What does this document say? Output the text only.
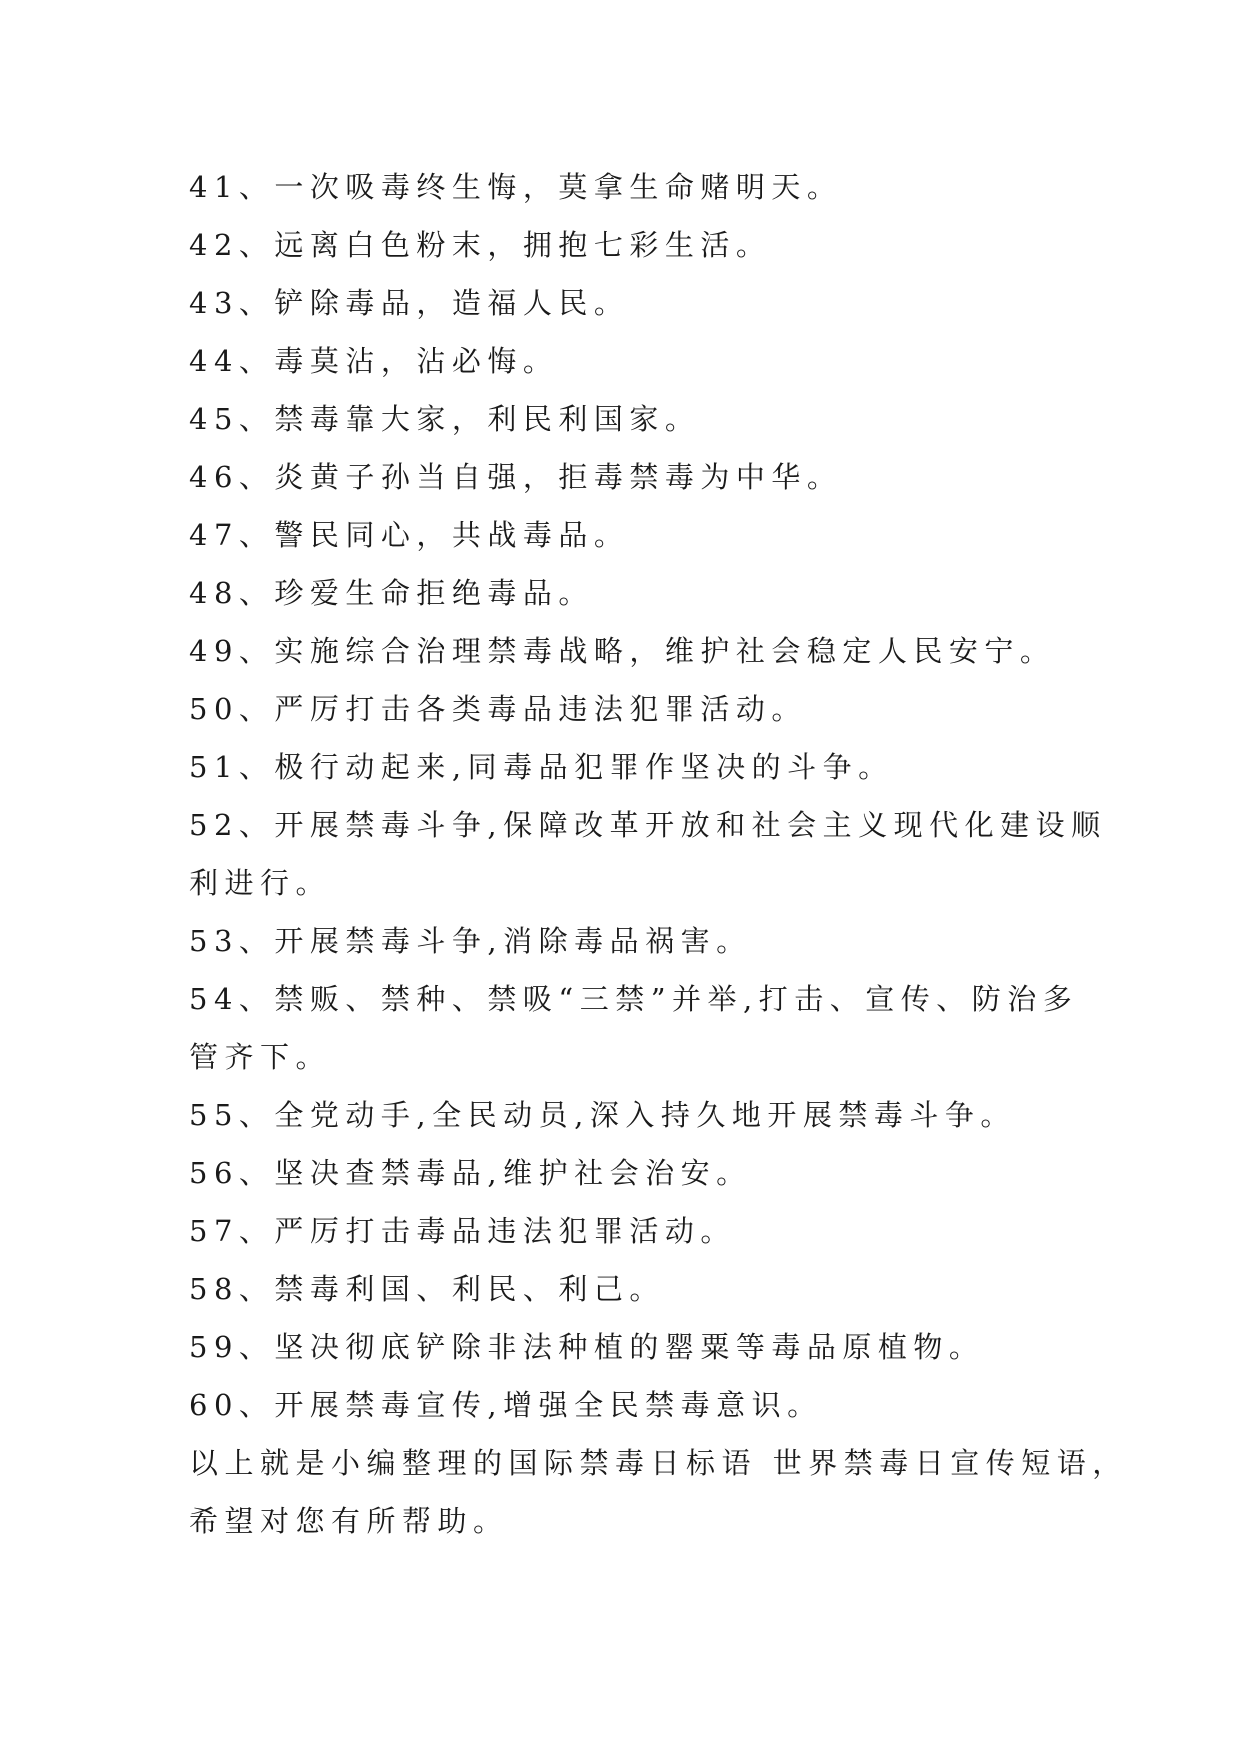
41、一次吸毒终生悔，莫拿生命赌明天。
42、远离白色粉末，拥抱七彩生活。
43、铲除毒品，造福人民。
44、毒莫沾，沾必悔。
45、禁毒靠大家，利民利国家。
46、炎黄子孙当自强，拒毒禁毒为中华。
47、警民同心，共战毒品。
48、珍爱生命拒绝毒品。
49、实施综合治理禁毒战略，维护社会稳定人民安宁。
50、严厉打击各类毒品违法犯罪活动。
51、极行动起来,同毒品犯罪作坚决的斗争。
52、开展禁毒斗争,保障改革开放和社会主义现代化建设顺
利进行。
53、开展禁毒斗争,消除毒品祸害。
54、禁贩、禁种、禁吸“三禁”并举,打击、宣传、防治多
管齐下。
55、全党动手,全民动员,深入持久地开展禁毒斗争。
56、坚决查禁毒品,维护社会治安。
57、严厉打击毒品违法犯罪活动。
58、禁毒利国、利民、利己。
59、坚决彻底铲除非法种植的罂粟等毒品原植物。
60、开展禁毒宣传,增强全民禁毒意识。
以上就是小编整理的国际禁毒日标语 世界禁毒日宣传短语，
希望对您有所帮助。
